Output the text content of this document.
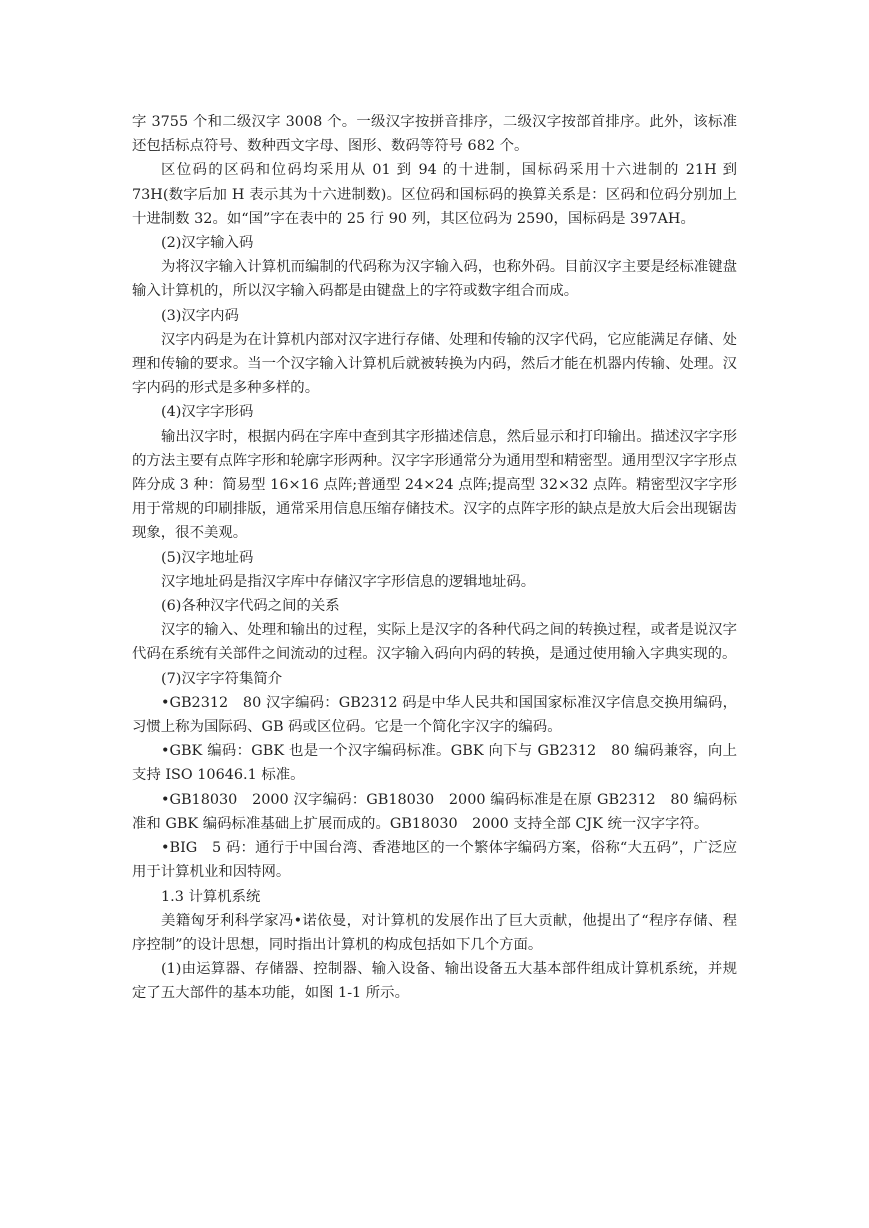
字 3755 个和二级汉字 3008 个。一级汉字按拼音排序，二级汉字按部首排序。此外，该标准还包括标点符号、数种西文字母、图形、数码等符号 682 个。

区位码的区码和位码均采用从 01 到 94 的十进制，国标码采用十六进制的 21H 到 73H(数字后加 H 表示其为十六进制数)。区位码和国标码的换算关系是：区码和位码分别加上十进制数 32。如“国”字在表中的 25 行 90 列，其区位码为 2590，国标码是 397AH。

(2)汉字输入码

为将汉字输入计算机而编制的代码称为汉字输入码，也称外码。目前汉字主要是经标准键盘输入计算机的，所以汉字输入码都是由键盘上的字符或数字组合而成。

(3)汉字内码

汉字内码是为在计算机内部对汉字进行存储、处理和传输的汉字代码，它应能满足存储、处理和传输的要求。当一个汉字输入计算机后就被转换为内码，然后才能在机器内传输、处理。汉字内码的形式是多种多样的。

(4)汉字字形码

输出汉字时，根据内码在字库中查到其字形描述信息，然后显示和打印输出。描述汉字字形的方法主要有点阵字形和轮廓字形两种。汉字字形通常分为通用型和精密型。通用型汉字字形点阵分成 3 种：简易型 16×16 点阵;普通型 24×24 点阵;提高型 32×32 点阵。精密型汉字字形用于常规的印刷排版，通常采用信息压缩存储技术。汉字的点阵字形的缺点是放大后会出现锯齿现象，很不美观。

(5)汉字地址码

汉字地址码是指汉字库中存储汉字字形信息的逻辑地址码。

(6)各种汉字代码之间的关系

汉字的输入、处理和输出的过程，实际上是汉字的各种代码之间的转换过程，或者是说汉字代码在系统有关部件之间流动的过程。汉字输入码向内码的转换，是通过使用输入字典实现的。

(7)汉字字符集简介

•GB2312　80 汉字编码：GB2312 码是中华人民共和国国家标准汉字信息交换用编码，习惯上称为国际码、GB 码或区位码。它是一个简化字汉字的编码。

•GBK 编码：GBK 也是一个汉字编码标准。GBK 向下与 GB2312　80 编码兼容，向上支持 ISO 10646.1 标准。

•GB18030　2000 汉字编码：GB18030　2000 编码标准是在原 GB2312　80 编码标准和 GBK 编码标准基础上扩展而成的。GB18030　2000 支持全部 CJK 统一汉字字符。

•BIG　5 码：通行于中国台湾、香港地区的一个繁体字编码方案，俗称“大五码”，广泛应用于计算机业和因特网。

1.3 计算机系统

美籍匈牙利科学家冯•诺依曼，对计算机的发展作出了巨大贡献，他提出了“程序存储、程序控制”的设计思想，同时指出计算机的构成包括如下几个方面。

(1)由运算器、存储器、控制器、输入设备、输出设备五大基本部件组成计算机系统，并规定了五大部件的基本功能，如图 1-1 所示。
